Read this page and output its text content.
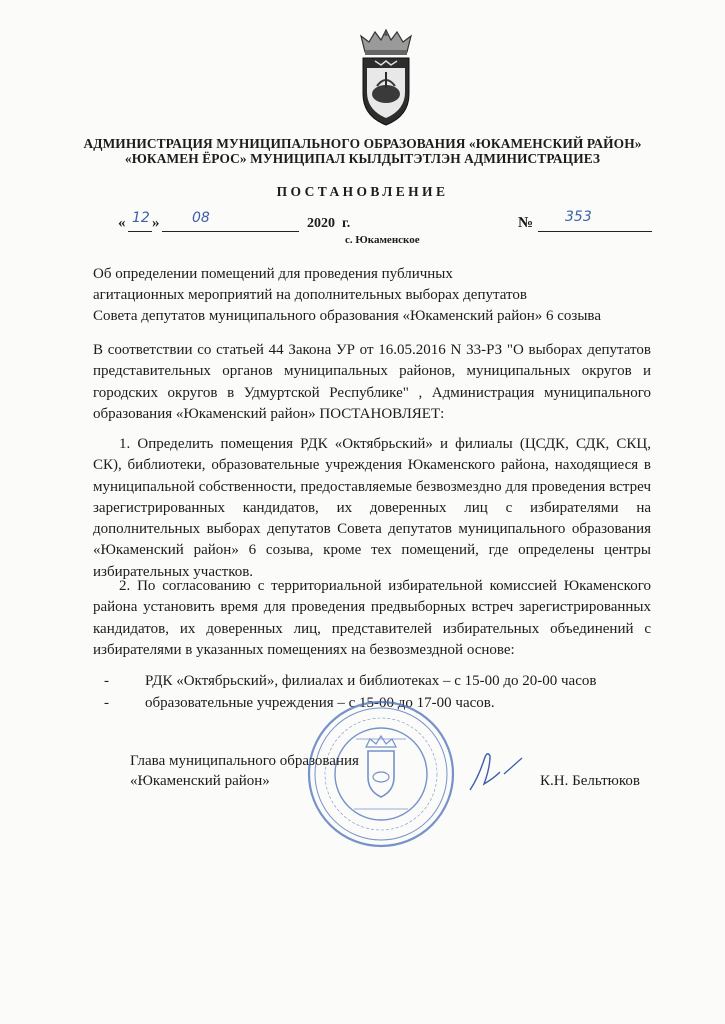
АДМИНИСТРАЦИЯ МУНИЦИПАЛЬНОГО ОБРАЗОВАНИЯ «ЮКАМЕНСКИЙ РАЙОН»
«ЮКАМЕН ЁРОС» МУНИЦИПАЛ КЫЛДЫТЭТЛЭН АДМИНИСТРАЦИЕЗ
ПОСТАНОВЛЕНИЕ
« 12 » 08	2020 г.
с. Юкаменское
№ 353
Об определении помещений для проведения публичных
агитационных мероприятий на дополнительных выборах депутатов
Совета депутатов муниципального образования «Юкаменский район» 6 созыва

В соответствии со статьей 44 Закона УР от 16.05.2016 N 33-РЗ "О выборах депутатов представительных органов муниципальных районов, муниципальных округов и городских округов в Удмуртской Республике" , Администрация муниципального образования «Юкаменский район» ПОСТАНОВЛЯЕТ:

1. Определить помещения РДК «Октябрьский» и филиалы (ЦСДК, СДК, СКЦ, СК), библиотеки, образовательные учреждения Юкаменского района, находящиеся в муниципальной собственности, предоставляемые безвозмездно для проведения встреч зарегистрированных кандидатов, их доверенных лиц с избирателями на дополнительных выборах депутатов Совета депутатов муниципального образования «Юкаменский район» 6 созыва, кроме тех помещений, где определены центры избирательных участков.

2. По согласованию с территориальной избирательной комиссией Юкаменского района установить время для проведения предвыборных встреч зарегистрированных кандидатов, их доверенных лиц, представителей избирательных объединений с избирателями в указанных помещениях на безвозмездной основе:

- РДК «Октябрьский», филиалах и библиотеках – с 15-00 до 20-00 часов
- образовательные учреждения – с 15-00 до 17-00 часов.
Глава муниципального образования
«Юкаменский район»	К.Н. Бельтюков
